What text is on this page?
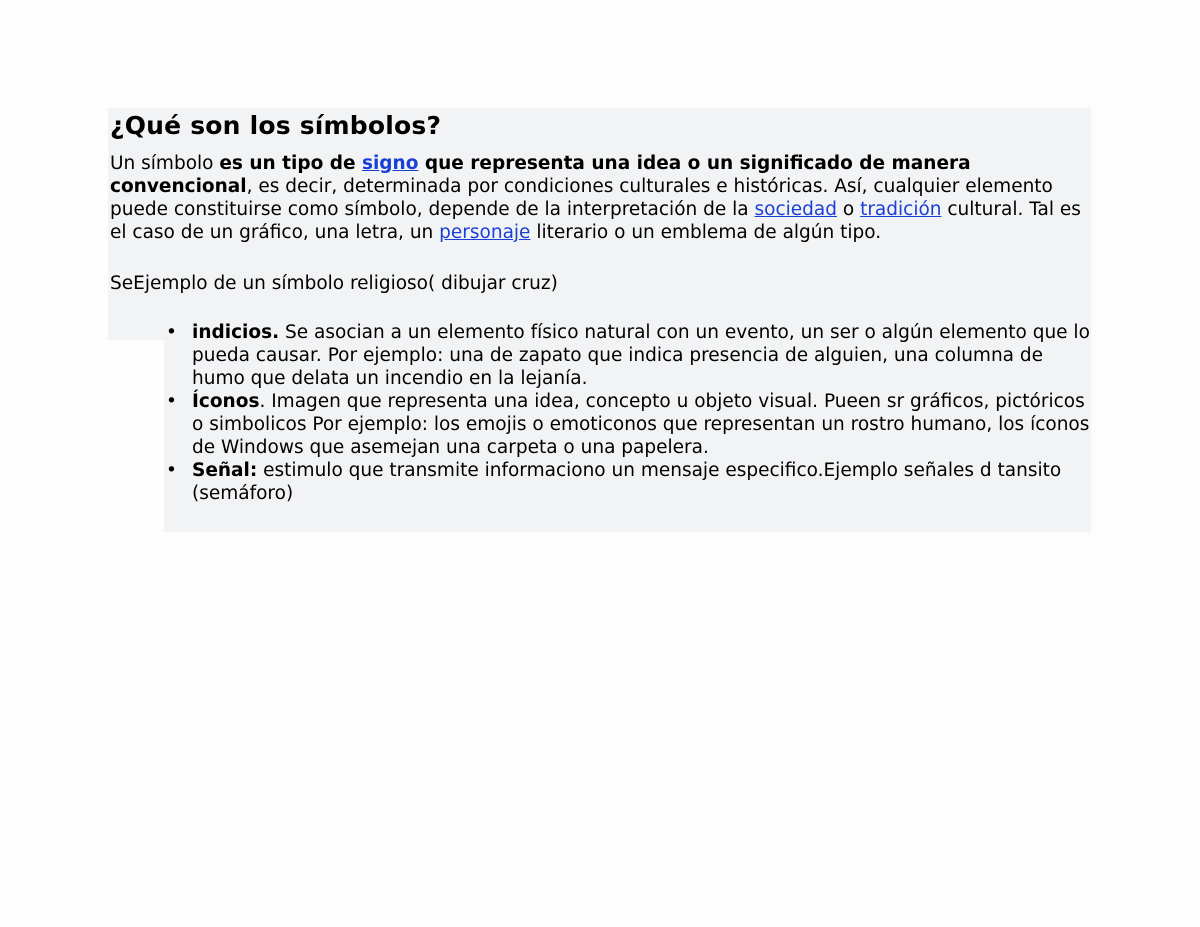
¿Qué son los símbolos?

Un símbolo es un tipo de signo que representa una idea o un significado de manera convencional, es decir, determinada por condiciones culturales e históricas. Así, cualquier elemento puede constituirse como símbolo, depende de la interpretación de la sociedad o tradición cultural. Tal es el caso de un gráfico, una letra, un personaje literario o un emblema de algún tipo.

SeEjemplo de un símbolo religioso( dibujar cruz)

• indicios. Se asocian a un elemento físico natural con un evento, un ser o algún elemento que lo pueda causar. Por ejemplo: una de zapato que indica presencia de alguien, una columna de humo que delata un incendio en la lejanía.
• Íconos. Imagen que representa una idea, concepto u objeto visual. Pueen sr gráficos, pictóricos o simbolicos Por ejemplo: los emojis o emoticonos que representan un rostro humano, los íconos de Windows que asemejan una carpeta o una papelera.
• Señal: estimulo que transmite informaciono un mensaje especifico.Ejemplo señales d tansito (semáforo)
